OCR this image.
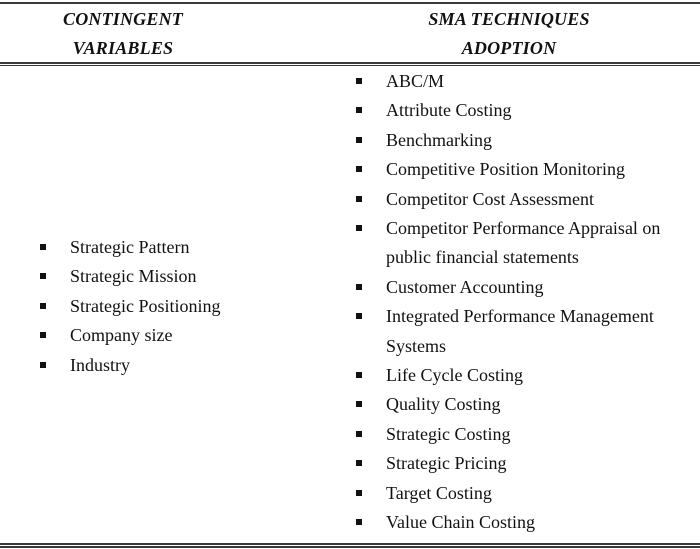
CONTINGENT
VARIABLES
SMA TECHNIQUES
ADOPTION
Strategic Pattern
Strategic Mission
Strategic Positioning
Company size
Industry
ABC/M
Attribute Costing
Benchmarking
Competitive Position Monitoring
Competitor Cost Assessment
Competitor Performance Appraisal on public financial statements
Customer Accounting
Integrated Performance Management Systems
Life Cycle Costing
Quality Costing
Strategic Costing
Strategic Pricing
Target Costing
Value Chain Costing
